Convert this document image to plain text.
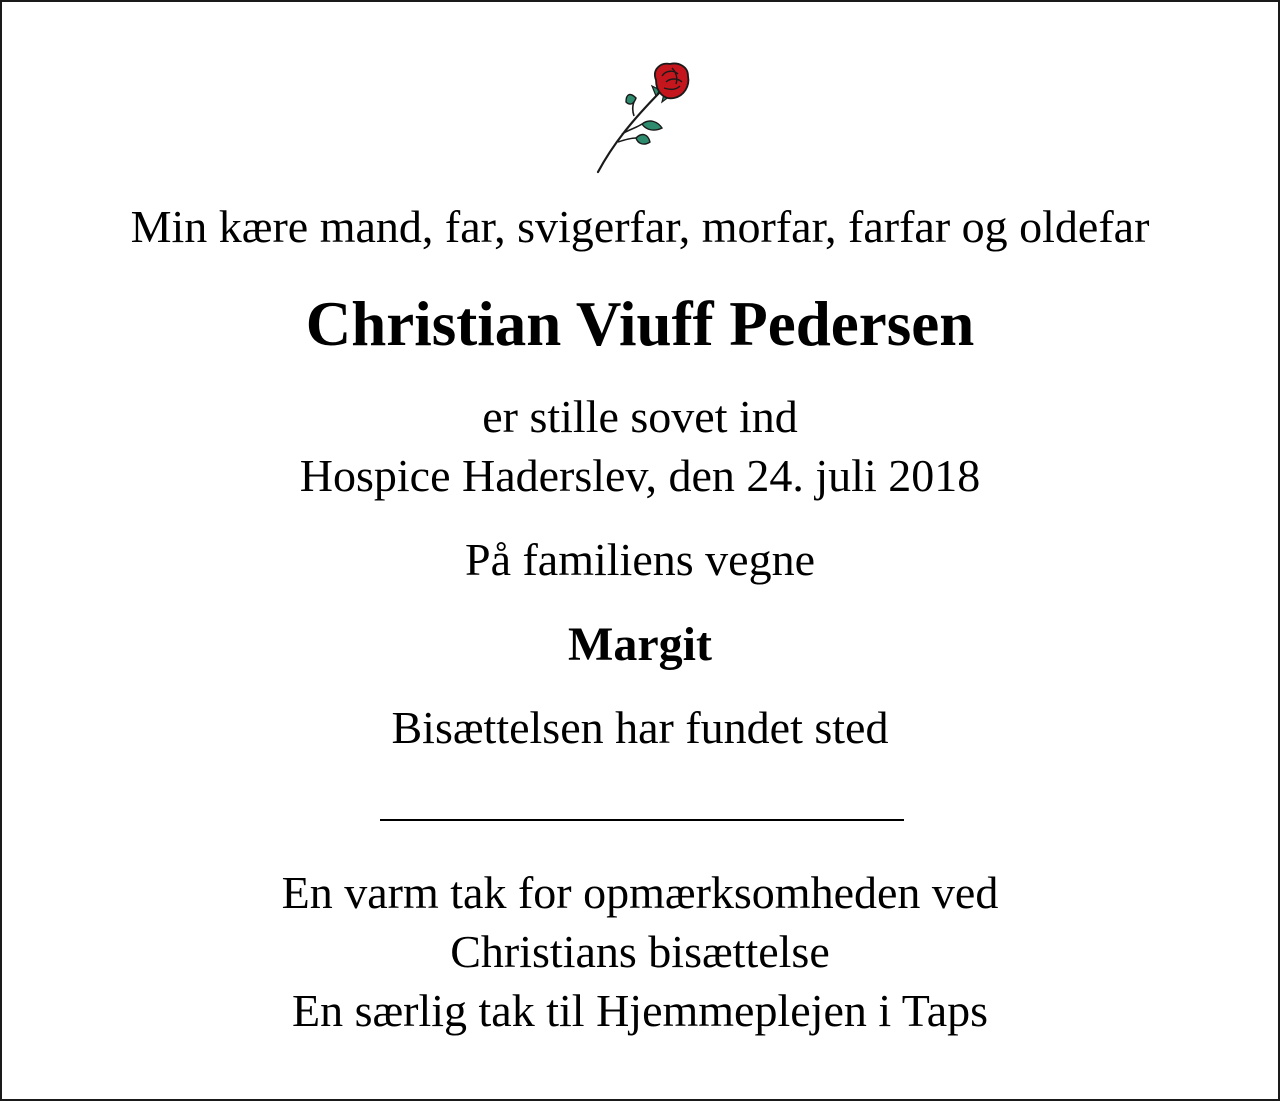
Min kære mand, far, svigerfar, morfar, farfar og oldefar
Christian Viuff Pedersen
er stille sovet ind
Hospice Haderslev, den 24. juli 2018
På familiens vegne
Margit
Bisættelsen har fundet sted
En varm tak for opmærksomheden ved
Christians bisættelse
En særlig tak til Hjemmeplejen i Taps
